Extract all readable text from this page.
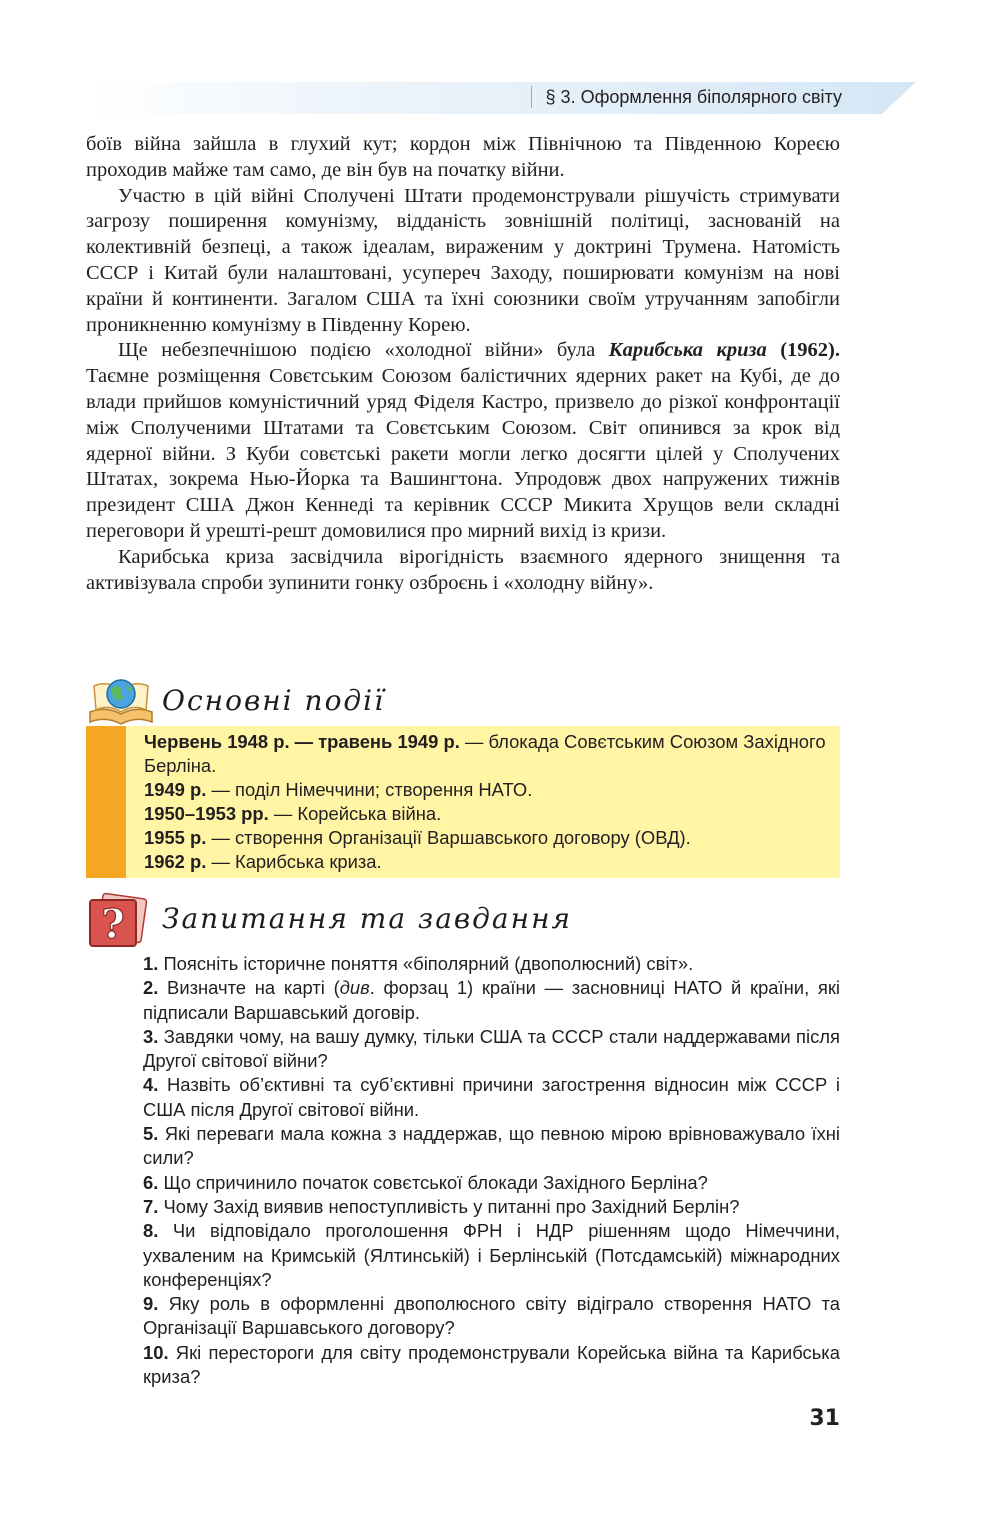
§ 3. Оформлення біполярного світу

боїв війна зайшла в глухий кут; кордон між Північною та Південною Кореєю проходив майже там само, де він був на початку війни.

Участю в цій війні Сполучені Штати продемонстрували рішучість стримувати загрозу поширення комунізму, відданість зовнішній політиці, заснованій на колективній безпеці, а також ідеалам, вираженим у доктрині Трумена. Натомість СССР і Китай були налаштовані, усупереч Заходу, поширювати комунізм на нові країни й континенти. Загалом США та їхні союзники своїм утручанням запобігли проникненню комунізму в Південну Корею.

Ще небезпечнішою подією «холодної війни» була Карибська криза (1962). Таємне розміщення Совєтським Союзом балістичних ядерних ракет на Кубі, де до влади прийшов комуністичний уряд Фіделя Кастро, призвело до різкої конфронтації між Сполученими Штатами та Совєтським Союзом. Світ опинився за крок від ядерної війни. З Куби совєтські ракети могли легко досягти цілей у Сполучених Штатах, зокрема Нью-Йорка та Вашингтона. Упродовж двох напружених тижнів президент США Джон Кеннеді та керівник СССР Микита Хрущов вели складні переговори й урешті-решт домовилися про мирний вихід із кризи.

Карибська криза засвідчила вірогідність взаємного ядерного знищення та активізувала спроби зупинити гонку озброєнь і «холодну війну».

Основні події
Червень 1948 р. — травень 1949 р. — блокада Совєтським Союзом Західного Берліна.
1949 р. — поділ Німеччини; створення НАТО.
1950–1953 рр. — Корейська війна.
1955 р. — створення Організації Варшавського договору (ОВД).
1962 р. — Карибська криза.
? Запитання та завдання
1. Поясніть історичне поняття «біполярний (двополюсний) світ».
2. Визначте на карті (див. форзац 1) країни — засновниці НАТО й країни, які підписали Варшавський договір.
3. Завдяки чому, на вашу думку, тільки США та СССР стали наддержавами після Другої світової війни?
4. Назвіть об’єктивні та суб’єктивні причини загострення відносин між СССР і США після Другої світової війни.
5. Які переваги мала кожна з наддержав, що певною мірою врівноважувало їхні сили?
6. Що спричинило початок совєтської блокади Західного Берліна?
7. Чому Захід виявив непоступливість у питанні про Західний Берлін?
8. Чи відповідало проголошення ФРН і НДР рішенням щодо Німеччини, ухваленим на Кримській (Ялтинській) і Берлінській (Потсдамській) міжнародних конференціях?
9. Яку роль в оформленні двополюсного світу відіграло створення НАТО та Організації Варшавського договору?
10. Які перестороги для світу продемонстрували Корейська війна та Карибська криза?
31
